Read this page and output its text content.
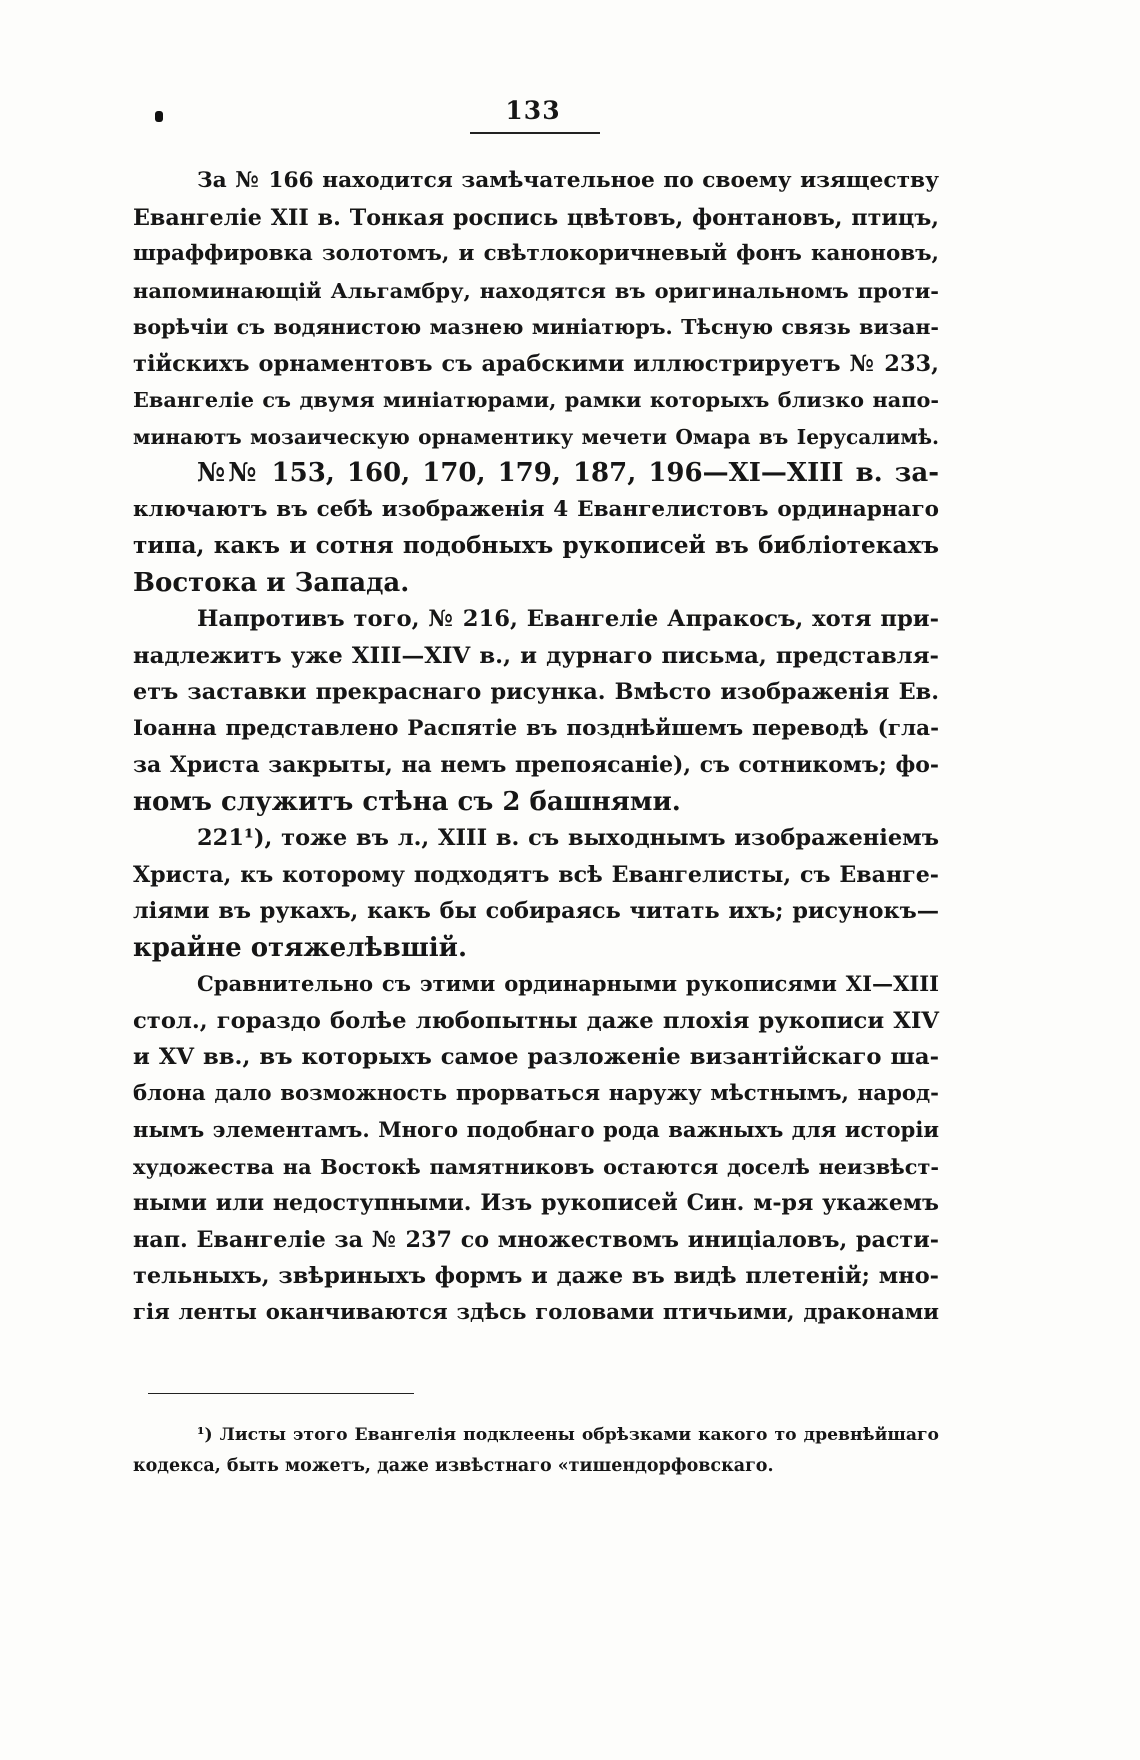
133

За № 166 находится замѣчательное по своему изяществу
Евангеліе XII в. Тонкая роспись цвѣтовъ, фонтановъ, птицъ,
шраффировка золотомъ, и свѣтлокоричневый фонъ каноновъ,
напоминающій Альгамбру, находятся въ оригинальномъ проти-
ворѣчіи съ водянистою мазнею миніатюръ. Тѣсную связь визан-
тійскихъ орнаментовъ съ арабскими иллюстрируетъ № 233,
Евангеліе съ двумя миніатюрами, рамки которыхъ близко напо-
минаютъ мозаическую орнаментику мечети Омара въ Іерусалимѣ.

№№ 153, 160, 170, 179, 187, 196—XI—XIII в. за-
ключаютъ въ себѣ изображенія 4 Евангелистовъ ординарнаго
типа, какъ и сотня подобныхъ рукописей въ библіотекахъ
Востока и Запада.

Напротивъ того, № 216, Евангеліе Апракосъ, хотя при-
надлежитъ уже XIII—XIV в., и дурнаго письма, представля-
етъ заставки прекраснаго рисунка. Вмѣсто изображенія Ев.
Іоанна представлено Распятіе въ позднѣйшемъ переводѣ (гла-
за Христа закрыты, на немъ препоясаніе), съ сотникомъ; фо-
номъ служитъ стѣна съ 2 башнями.

221¹), тоже въ л., XIII в. съ выходнымъ изображеніемъ
Христа, къ которому подходятъ всѣ Евангелисты, съ Еванге-
ліями въ рукахъ, какъ бы собираясь читать ихъ; рисунокъ—
крайне отяжелѣвшій.

Сравнительно съ этими ординарными рукописями XI—XIII
стол., гораздо болѣе любопытны даже плохія рукописи XIV
и XV вв., въ которыхъ самое разложеніе византійскаго ша-
блона дало возможность прорваться наружу мѣстнымъ, народ-
нымъ элементамъ. Много подобнаго рода важныхъ для исторіи
художества на Востокѣ памятниковъ остаются доселѣ неизвѣст-
ными или недоступными. Изъ рукописей Син. м-ря укажемъ
нап. Евангеліе за № 237 со множествомъ иниціаловъ, расти-
тельныхъ, звѣриныхъ формъ и даже въ видѣ плетеній; мно-
гія ленты оканчиваются здѣсь головами птичьими, драконами

¹) Листы этого Евангелія подклеены обрѣзками какого то древнѣйшаго
кодекса, быть можетъ, даже извѣстнаго «тишендорфовскаго.
